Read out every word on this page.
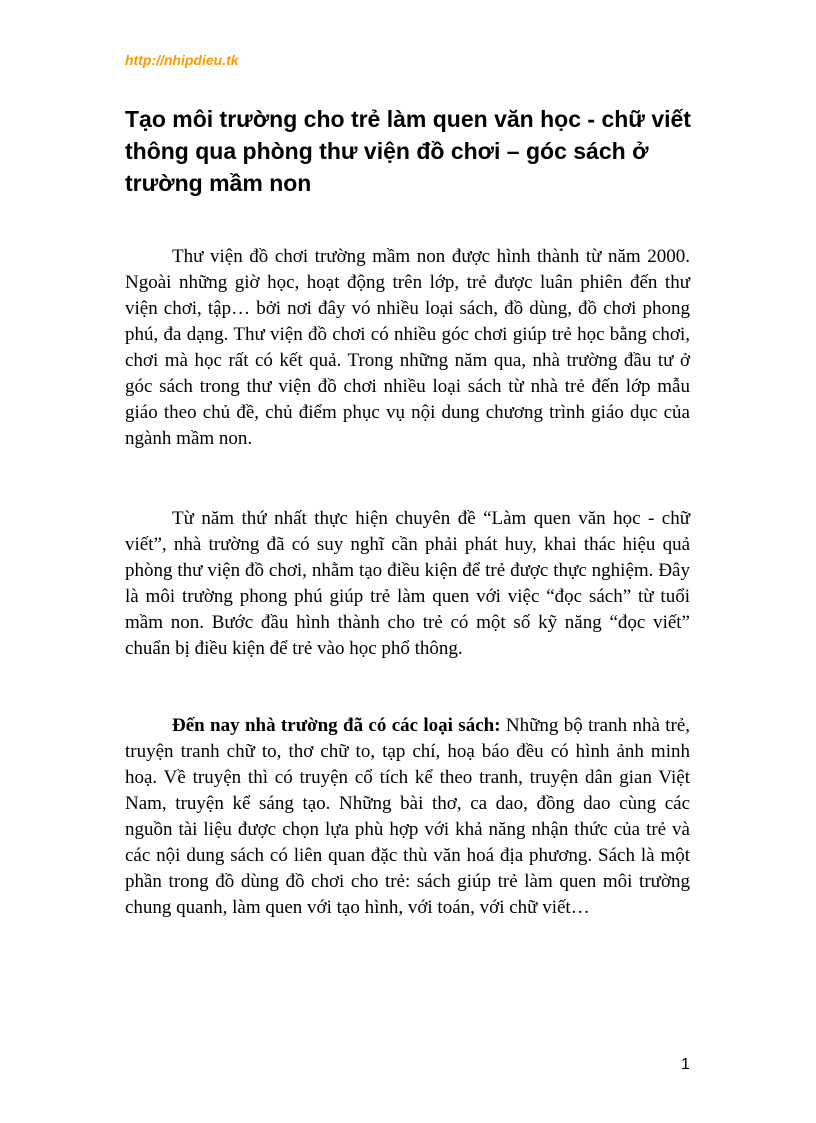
http://nhipdieu.tk
Tạo môi trường cho trẻ làm quen văn học - chữ viết thông qua phòng thư viện đồ chơi – góc sách ở trường mầm non

Thư viện đồ chơi trường mầm non được hình thành từ năm 2000. Ngoài những giờ học, hoạt động trên lớp, trẻ được luân phiên đến thư viện chơi, tập… bởi nơi đây vó nhiều loại sách, đồ dùng, đồ chơi phong phú, đa dạng. Thư viện đồ chơi có nhiều góc chơi giúp trẻ học bằng chơi, chơi mà học rất có kết quả. Trong những năm qua, nhà trường đầu tư ở góc sách trong thư viện đồ chơi nhiều loại sách từ nhà trẻ đến lớp mẫu giáo theo chủ đề, chủ điểm phục vụ nội dung chương trình giáo dục của ngành mầm non.

Từ năm thứ nhất thực hiện chuyên đề “Làm quen văn học - chữ viết”, nhà trường đã có suy nghĩ cần phải phát huy, khai thác hiệu quả phòng thư viện đồ chơi, nhằm tạo điều kiện để trẻ được thực nghiệm. Đây là môi trường phong phú giúp trẻ làm quen với việc “đọc sách” từ tuổi mầm non. Bước đầu hình thành cho trẻ có một số kỹ năng “đọc viết” chuẩn bị điều kiện để trẻ vào học phổ thông.

Đến nay nhà trường đã có các loại sách: Những bộ tranh nhà trẻ, truyện tranh chữ to, thơ chữ to, tạp chí, hoạ báo đều có hình ảnh minh hoạ. Về truyện thì có truyện cổ tích kể theo tranh, truyện dân gian Việt Nam, truyện kể sáng tạo. Những bài thơ, ca dao, đồng dao cùng các nguồn tài liệu được chọn lựa phù hợp với khả năng nhận thức của trẻ và các nội dung sách có liên quan đặc thù văn hoá địa phương. Sách là một phần trong đồ dùng đồ chơi cho trẻ: sách giúp trẻ làm quen môi trường chung quanh, làm quen với tạo hình, với toán, với chữ viết…

1
